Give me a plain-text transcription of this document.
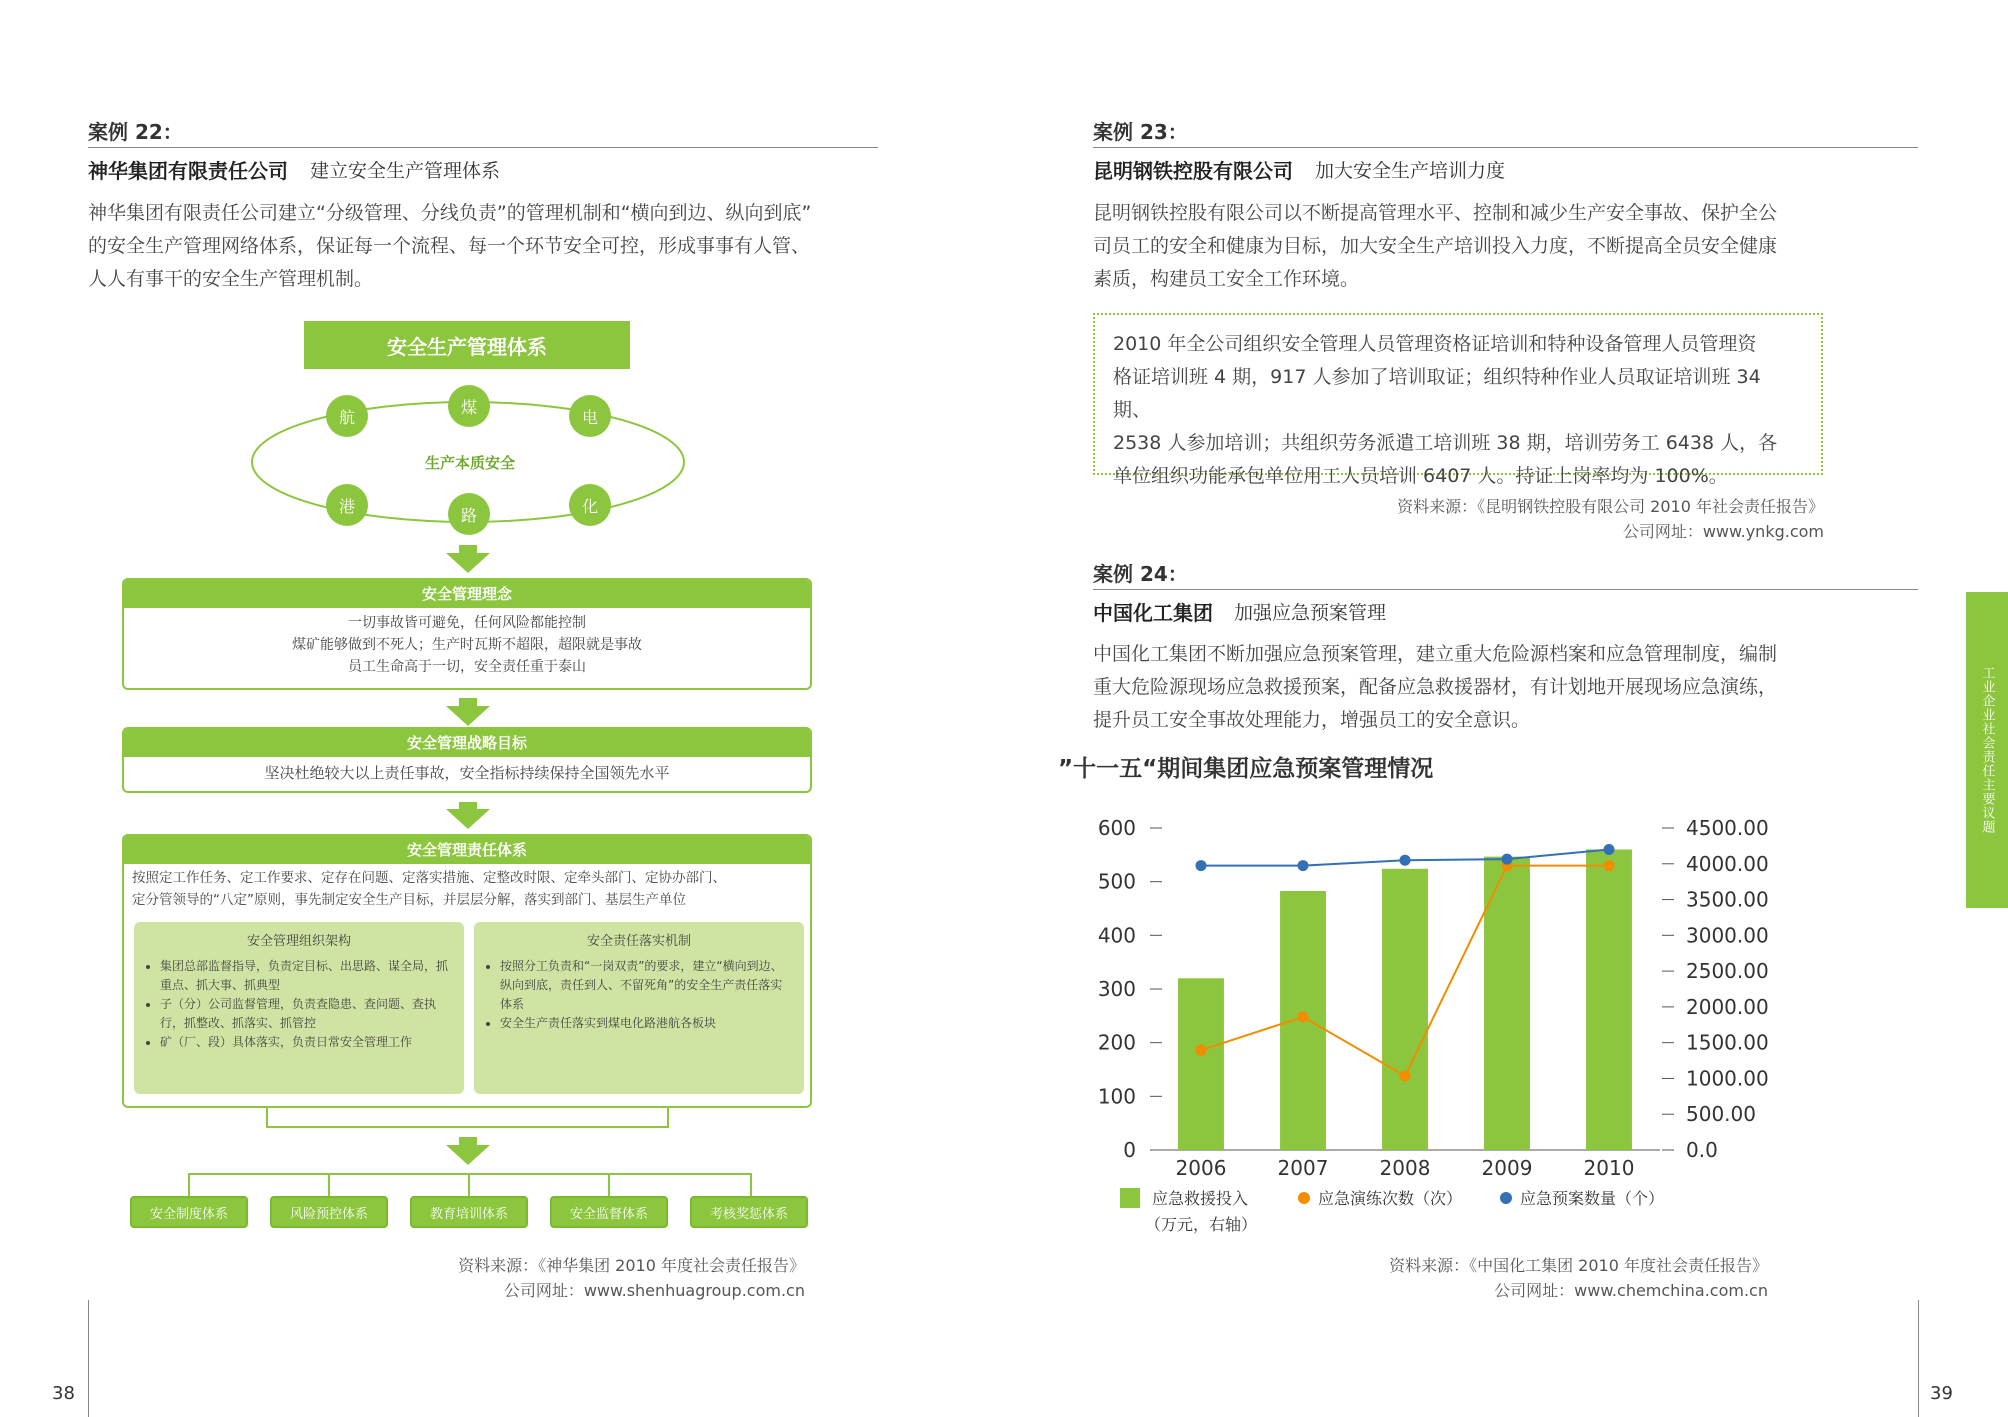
案例 22：
神华集团有限责任公司 建立安全生产管理体系
神华集团有限责任公司建立“分级管理、分线负责”的管理机制和“横向到边、纵向到底”
的安全生产管理网络体系，保证每一个流程、每一个环节安全可控，形成事事有人管、
人人有事干的安全生产管理机制。
安全生产管理体系
航
煤
电
港	路	化
生产本质安全
安全管理理念
一切事故皆可避免，任何风险都能控制
煤矿能够做到不死人；生产时瓦斯不超限，超限就是事故
员工生命高于一切，安全责任重于泰山
安全管理战略目标
坚决杜绝较大以上责任事故，安全指标持续保持全国领先水平
安全管理责任体系
按照定工作任务、定工作要求、定存在问题、定落实措施、定整改时限、定牵头部门、定协办部门、
定分管领导的“八定”原则，事先制定安全生产目标，并层层分解，落实到部门、基层生产单位
安全管理组织架构
• 集团总部监督指导，负责定目标、出思路、谋全局，抓重点、抓大事、抓典型
• 子（分）公司监督管理，负责查隐患、查问题、查执行，抓整改、抓落实、抓管控
• 矿（厂、段）具体落实，负责日常安全管理工作
安全责任落实机制
• 按照分工负责和“一岗双责”的要求，建立“横向到边、纵向到底，责任到人、不留死角”的安全生产责任落实体系
• 安全生产责任落实到煤电化路港航各板块
安全制度体系	风险预控体系	教育培训体系	安全监督体系	考核奖惩体系
资料来源：《神华集团 2010 年度社会责任报告》
公司网址：www.shenhuagroup.com.cn
38
案例 23：
昆明钢铁控股有限公司 加大安全生产培训力度
昆明钢铁控股有限公司以不断提高管理水平、控制和减少生产安全事故、保护全公
司员工的安全和健康为目标，加大安全生产培训投入力度，不断提高全员安全健康
素质，构建员工安全工作环境。
2010 年全公司组织安全管理人员管理资格证培训和特种设备管理人员管理资
格证培训班 4 期，917 人参加了培训取证；组织特种作业人员取证培训班 34 期、
2538 人参加培训；共组织劳务派遣工培训班 38 期，培训劳务工 6438 人，各
单位组织功能承包单位用工人员培训 6407 人。持证上岗率均为 100%。
资料来源：《昆明钢铁控股有限公司 2010 年社会责任报告》
公司网址：www.ynkg.com
案例 24：
中国化工集团 加强应急预案管理
中国化工集团不断加强应急预案管理，建立重大危险源档案和应急管理制度，编制
重大危险源现场应急救援预案，配备应急救援器材，有计划地开展现场应急演练，
提升员工安全事故处理能力，增强员工的安全意识。
”十一五“期间集团应急预案管理情况
0
100
200
300
400
500
600
0.0
500.00
1000.00
1500.00
2000.00
2500.00
3000.00
3500.00
4000.00
4500.00
2006	2007	2008	2009	2010
应急救援投入
（万元，右轴）
应急演练次数（次）	应急预案数量（个）
资料来源：《中国化工集团 2010 年度社会责任报告》
公司网址：www.chemchina.com.cn
工业企业社会责任主要议题
39
